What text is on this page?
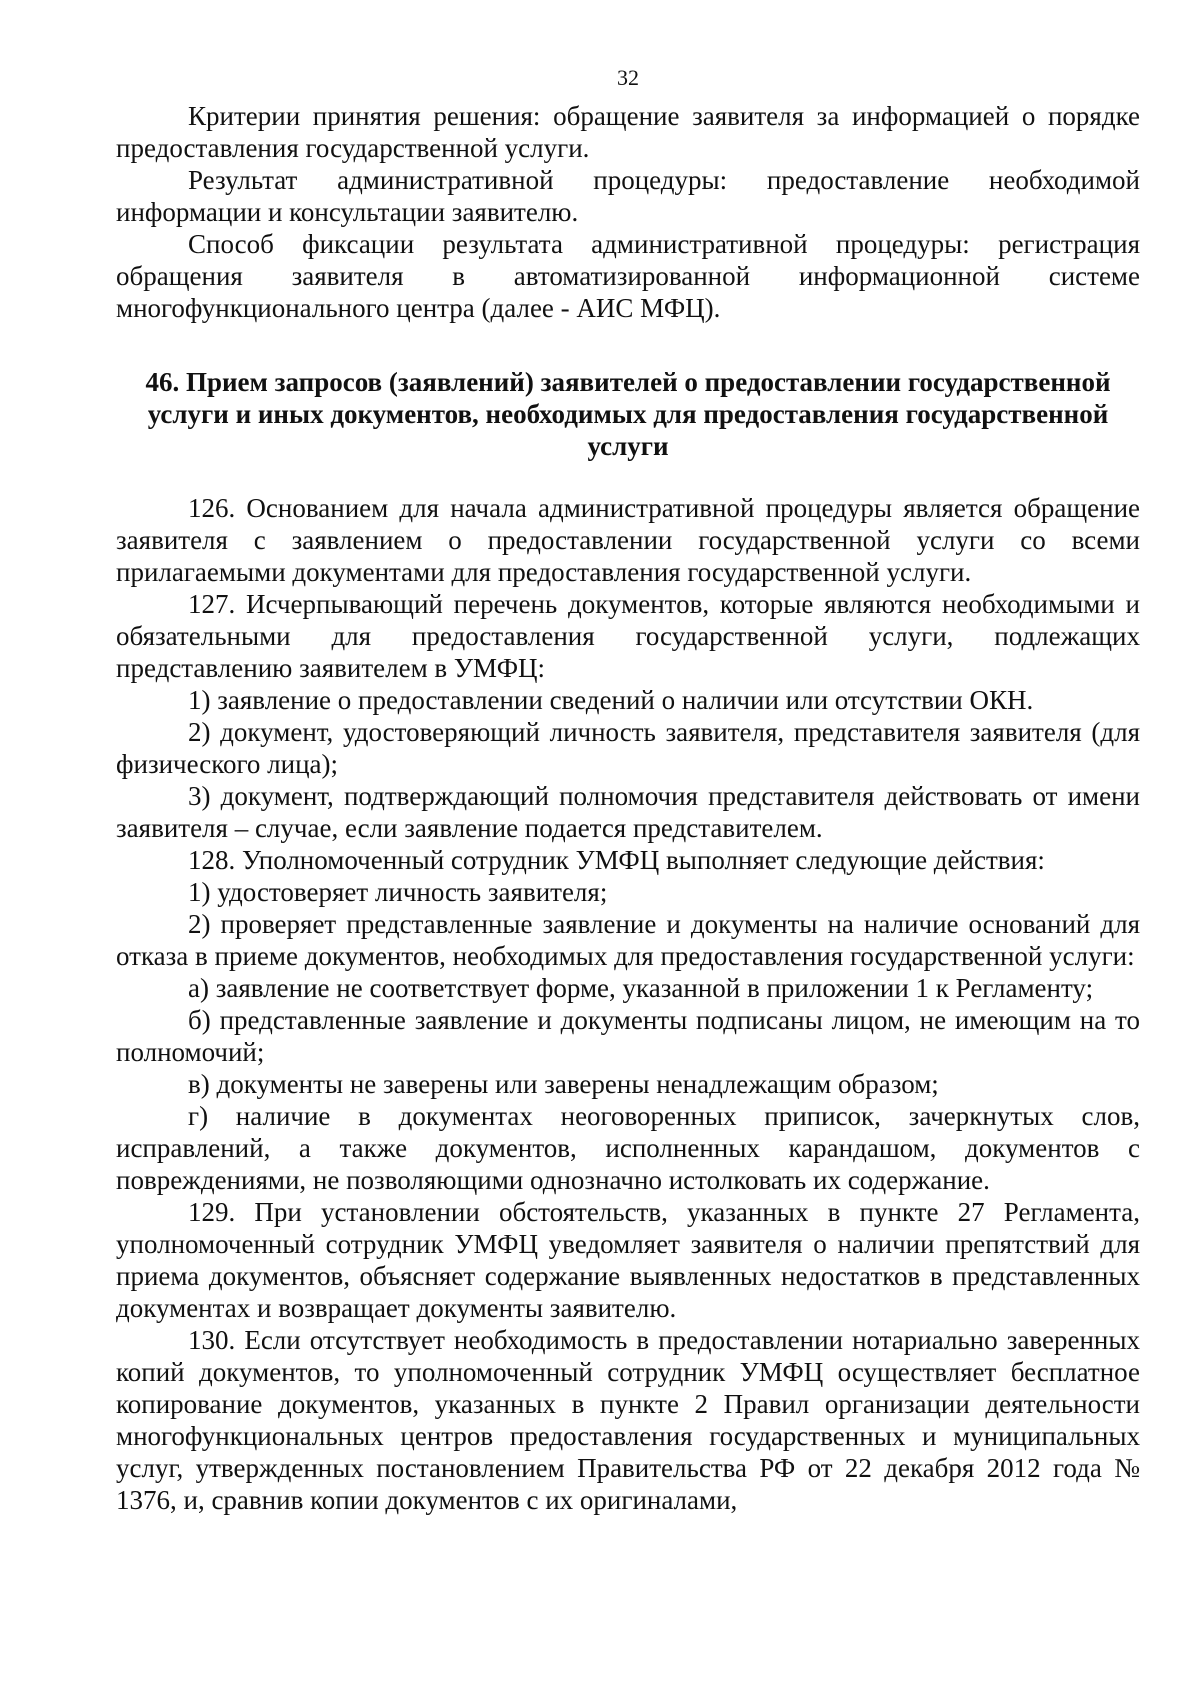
32

Критерии принятия решения: обращение заявителя за информацией о порядке предоставления государственной услуги.

Результат административной процедуры: предоставление необходимой информации и консультации заявителю.

Способ фиксации результата административной процедуры: регистрация обращения заявителя в автоматизированной информационной системе многофункционального центра (далее - АИС МФЦ).

46. Прием запросов (заявлений) заявителей о предоставлении государственной услуги и иных документов, необходимых для предоставления государственной услуги

126. Основанием для начала административной процедуры является обращение заявителя с заявлением о предоставлении государственной услуги со всеми прилагаемыми документами для предоставления государственной услуги.

127. Исчерпывающий перечень документов, которые являются необходимыми и обязательными для предоставления государственной услуги, подлежащих представлению заявителем в УМФЦ:

1) заявление о предоставлении сведений о наличии или отсутствии ОКН.

2) документ, удостоверяющий личность заявителя, представителя заявителя (для физического лица);

3) документ, подтверждающий полномочия представителя действовать от имени заявителя – случае, если заявление подается представителем.

128. Уполномоченный сотрудник УМФЦ выполняет следующие действия:

1) удостоверяет личность заявителя;

2) проверяет представленные заявление и документы на наличие оснований для отказа в приеме документов, необходимых для предоставления государственной услуги:

а) заявление не соответствует форме, указанной в приложении 1 к Регламенту;

б) представленные заявление и документы подписаны лицом, не имеющим на то полномочий;

в) документы не заверены или заверены ненадлежащим образом;

г) наличие в документах неоговоренных приписок, зачеркнутых слов, исправлений, а также документов, исполненных карандашом, документов с повреждениями, не позволяющими однозначно истолковать их содержание.

129. При установлении обстоятельств, указанных в пункте 27 Регламента, уполномоченный сотрудник УМФЦ уведомляет заявителя о наличии препятствий для приема документов, объясняет содержание выявленных недостатков в представленных документах и возвращает документы заявителю.

130. Если отсутствует необходимость в предоставлении нотариально заверенных копий документов, то уполномоченный сотрудник УМФЦ осуществляет бесплатное копирование документов, указанных в пункте 2 Правил организации деятельности многофункциональных центров предоставления государственных и муниципальных услуг, утвержденных постановлением Правительства РФ от 22 декабря 2012 года № 1376, и, сравнив копии документов с их оригиналами,
